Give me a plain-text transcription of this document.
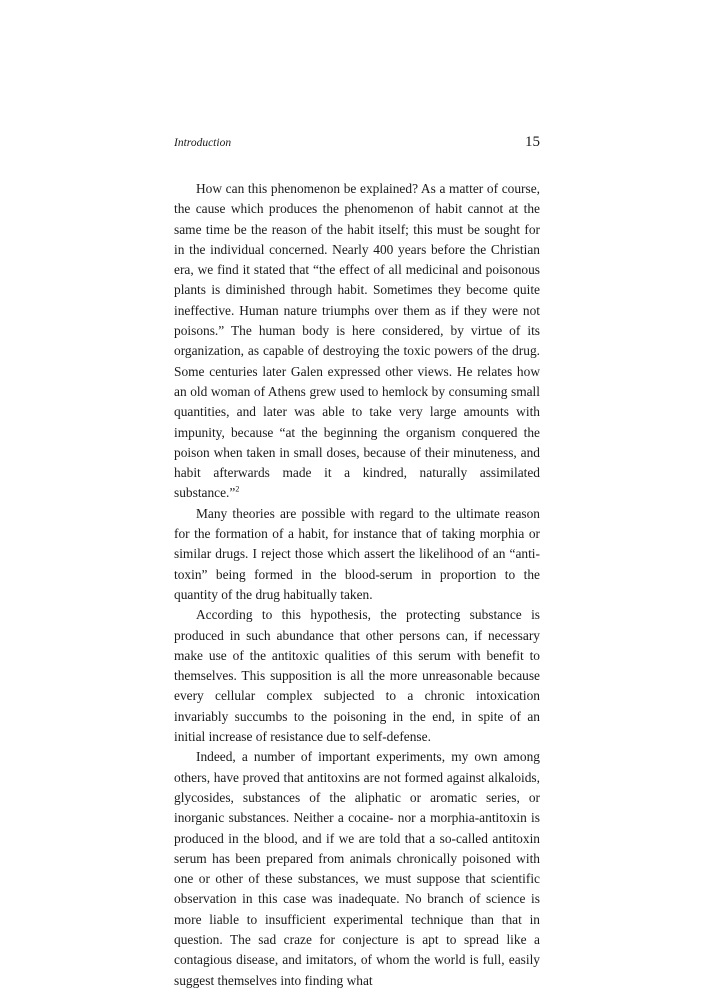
Introduction	15

How can this phenomenon be explained? As a matter of course, the cause which produces the phenomenon of habit cannot at the same time be the reason of the habit itself; this must be sought for in the individual concerned. Nearly 400 years before the Christian era, we find it stated that “the effect of all medicinal and poisonous plants is diminished through habit. Sometimes they become quite ineffective. Human nature triumphs over them as if they were not poisons.” The human body is here considered, by virtue of its organization, as capable of destroying the toxic powers of the drug. Some centuries later Galen expressed other views. He relates how an old woman of Athens grew used to hemlock by consuming small quantities, and later was able to take very large amounts with impunity, because “at the beginning the organism conquered the poison when taken in small doses, because of their minuteness, and habit afterwards made it a kindred, naturally assimilated substance.”$^2$

Many theories are possible with regard to the ultimate reason for the formation of a habit, for instance that of taking morphia or similar drugs. I reject those which assert the likelihood of an “anti-toxin” being formed in the blood-serum in proportion to the quantity of the drug habitually taken.

According to this hypothesis, the protecting substance is produced in such abundance that other persons can, if necessary make use of the antitoxic qualities of this serum with benefit to themselves. This supposition is all the more unreasonable because every cellular complex subjected to a chronic intoxication invariably succumbs to the poisoning in the end, in spite of an initial increase of resistance due to self-defense.

Indeed, a number of important experiments, my own among others, have proved that antitoxins are not formed against alkaloids, glycosides, substances of the aliphatic or aromatic series, or inorganic substances. Neither a cocaine- nor a morphia-antitoxin is produced in the blood, and if we are told that a so-called antitoxin serum has been prepared from animals chronically poisoned with one or other of these substances, we must suppose that scientific observation in this case was inadequate. No branch of science is more liable to insufficient experimental technique than that in question. The sad craze for conjecture is apt to spread like a contagious disease, and imitators, of whom the world is full, easily suggest themselves into finding what
